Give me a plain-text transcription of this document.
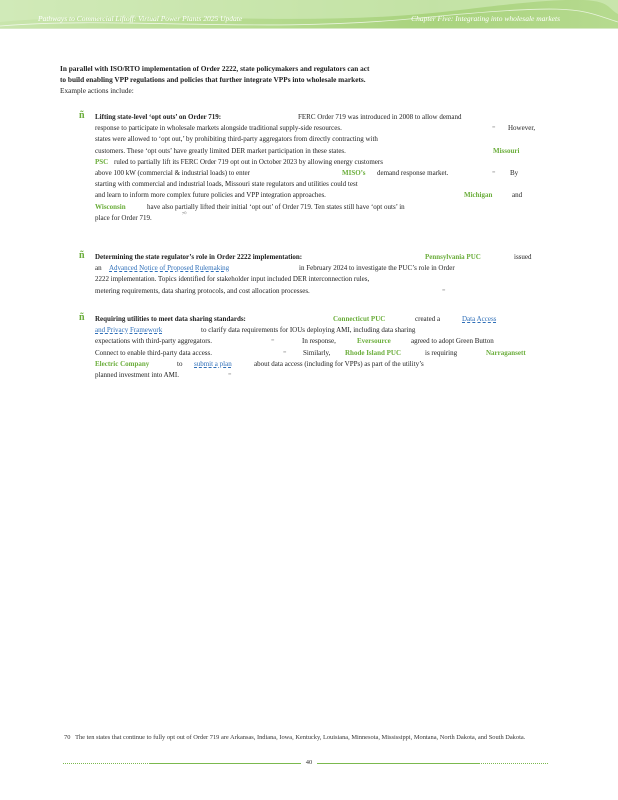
Pathways to Commercial Liftoff: Virtual Power Plants 2025 Update	Chapter Five: Integrating into wholesale markets
In parallel with ISO/RTO implementation of Order 2222, state policymakers and regulators can act
to build enabling VPP regulations and policies that further integrate VPPs into wholesale markets.
Example actions include:
ñ	Lifting state-level ‘opt outs’ on Order 719:	FERC Order 719 was introduced in 2008 to allow demand
response to participate in wholesale markets alongside traditional supply-side resources.	= However,
states were allowed to ‘opt out,’ by prohibiting third-party aggregators from directly contracting with
customers. These ‘opt outs’ have greatly limited DER market participation in these states.	Missouri
PSC ruled to partially lift its FERC Order 719 opt out in October 2023 by allowing energy customers
above 100 kW (commercial & industrial loads) to enter	MISO’s demand response market.	= By
starting with commercial and industrial loads, Missouri state regulators and utilities could test
and learn to inform more complex future policies and VPP integration approaches.	Michigan	and
Wisconsin	have also partially lifted their initial ‘opt out’ of Order 719. Ten states still have ‘opt outs’ in
place for Order 719.	⁷⁰
ñ	Determining the state regulator’s role in Order 2222 implementation:	Pennsylvania PUC	issued
an Advanced Notice of Proposed Rulemaking	in February 2024 to investigate the PUC’s role in Order
2222 implementation. Topics identified for stakeholder input included DER interconnection rules,
metering requirements, data sharing protocols, and cost allocation processes.	=
ñ	Requiring utilities to meet data sharing standards:	Connecticut PUC	created a	Data Access
and Privacy Framework	to clarify data requirements for IOUs deploying AMI, including data sharing
expectations with third-party aggregators.	=	In response,	Eversource	agreed to adopt Green Button
Connect to enable third-party data access.	= Similarly, Rhode Island PUC	is requiring	Narragansett
Electric Company	to submit a plan	about data access (including for VPPs) as part of the utility’s
planned investment into AMI.	=
70 The ten states that continue to fully opt out of Order 719 are Arkansas, Indiana, Iowa, Kentucky, Louisiana, Minnesota, Mississippi, Montana, North Dakota, and South Dakota.
40
